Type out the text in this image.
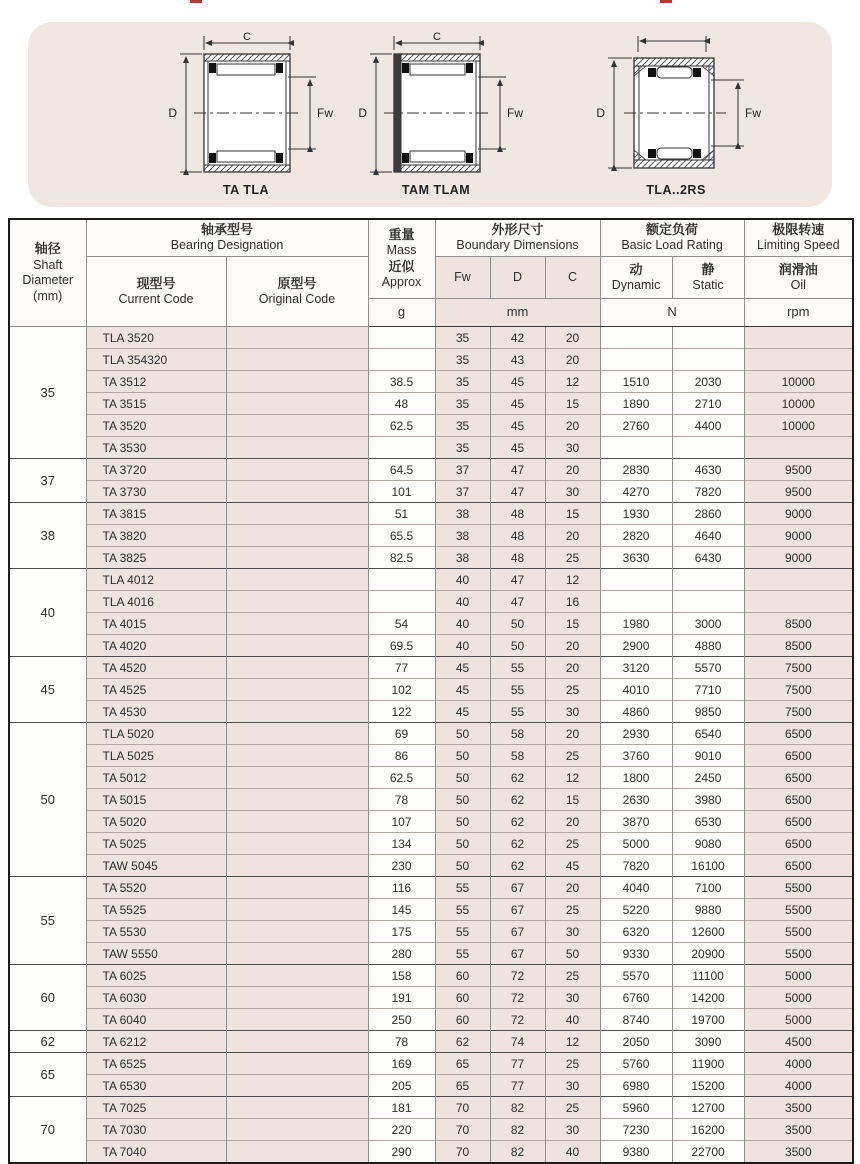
C
D	Fw
TA TLA
C
D	Fw
TAM TLAM
D	Fw
TLA..2RS
轴径
Shaft
Diameter
(mm)	轴承型号
Bearing Designation		重量
Mass
近似
Approx	外形尺寸
Boundary Dimensions			额定负荷
Basic Load Rating		极限转速
Limiting Speed

	现型号
Current Code	原型号
Original Code		Fw	D	C	动
Dynamic	静
Static	润滑油
Oil

			g	mm			N		rpm
35	TLA 3520			35	42	20			
	TLA 354320			35	43	20			
	TA 3512		38.5	35	45	12	1510	2030	10000
	TA 3515		48	35	45	15	1890	2710	10000
	TA 3520		62.5	35	45	20	2760	4400	10000
	TA 3530			35	45	30			
37	TA 3720		64.5	37	47	20	2830	4630	9500
	TA 3730		101	37	47	30	4270	7820	9500
38	TA 3815		51	38	48	15	1930	2860	9000
	TA 3820		65.5	38	48	20	2820	4640	9000
	TA 3825		82.5	38	48	25	3630	6430	9000
40	TLA 4012			40	47	12			
	TLA 4016			40	47	16			
	TA 4015		54	40	50	15	1980	3000	8500
	TA 4020		69.5	40	50	20	2900	4880	8500
45	TA 4520		77	45	55	20	3120	5570	7500
	TA 4525		102	45	55	25	4010	7710	7500
	TA 4530		122	45	55	30	4860	9850	7500
50	TLA 5020		69	50	58	20	2930	6540	6500
	TLA 5025		86	50	58	25	3760	9010	6500
	TA 5012		62.5	50	62	12	1800	2450	6500
	TA 5015		78	50	62	15	2630	3980	6500
	TA 5020		107	50	62	20	3870	6530	6500
	TA 5025		134	50	62	25	5000	9080	6500
	TAW 5045		230	50	62	45	7820	16100	6500
55	TA 5520		116	55	67	20	4040	7100	5500
	TA 5525		145	55	67	25	5220	9880	5500
	TA 5530		175	55	67	30	6320	12600	5500
	TAW 5550		280	55	67	50	9330	20900	5500
60	TA 6025		158	60	72	25	5570	11100	5000
	TA 6030		191	60	72	30	6760	14200	5000
	TA 6040		250	60	72	40	8740	19700	5000
62	TA 6212		78	62	74	12	2050	3090	4500
65	TA 6525		169	65	77	25	5760	11900	4000
	TA 6530		205	65	77	30	6980	15200	4000
70	TA 7025		181	70	82	25	5960	12700	3500
	TA 7030		220	70	82	30	7230	16200	3500
	TA 7040		290	70	82	40	9380	22700	3500
